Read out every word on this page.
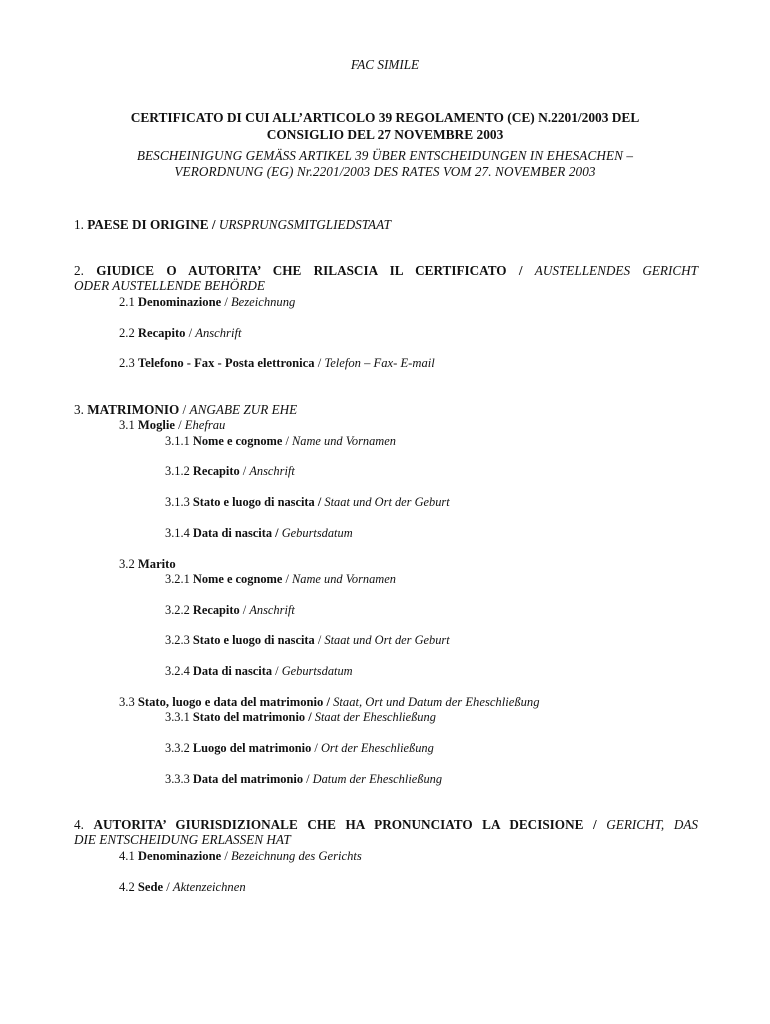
FAC SIMILE
CERTIFICATO DI CUI ALL’ARTICOLO 39 REGOLAMENTO (CE) N.2201/2003 DEL
CONSIGLIO DEL 27 NOVEMBRE 2003
BESCHEINIGUNG GEMÄSS ARTIKEL 39 ÜBER ENTSCHEIDUNGEN IN EHESACHEN –
VERORDNUNG (EG) Nr.2201/2003 DES RATES VOM 27. NOVEMBER 2003
1. PAESE DI ORIGINE / URSPRUNGSMITGLIEDSTAAT
2. GIUDICE O AUTORITA’ CHE RILASCIA IL CERTIFICATO / AUSTELLENDES GERICHT
ODER AUSTELLENDE BEHÖRDE
2.1 Denominazione / Bezeichnung
2.2 Recapito / Anschrift
2.3 Telefono - Fax - Posta elettronica / Telefon – Fax- E-mail
3. MATRIMONIO / ANGABE ZUR EHE
3.1 Moglie / Ehefrau
3.1.1 Nome e cognome / Name und Vornamen
3.1.2 Recapito / Anschrift
3.1.3 Stato e luogo di nascita / Staat und Ort der Geburt
3.1.4 Data di nascita / Geburtsdatum
3.2 Marito
3.2.1 Nome e cognome / Name und Vornamen
3.2.2 Recapito / Anschrift
3.2.3 Stato e luogo di nascita / Staat und Ort der Geburt
3.2.4 Data di nascita / Geburtsdatum
3.3 Stato, luogo e data del matrimonio / Staat, Ort und Datum der Eheschließung
3.3.1 Stato del matrimonio / Staat der Eheschließung
3.3.2 Luogo del matrimonio / Ort der Eheschließung
3.3.3 Data del matrimonio / Datum der Eheschließung
4. AUTORITA’ GIURISDIZIONALE CHE HA PRONUNCIATO LA DECISIONE / GERICHT, DAS
DIE ENTSCHEIDUNG ERLASSEN HAT
4.1 Denominazione / Bezeichnung des Gerichts
4.2 Sede / Aktenzeichnen
